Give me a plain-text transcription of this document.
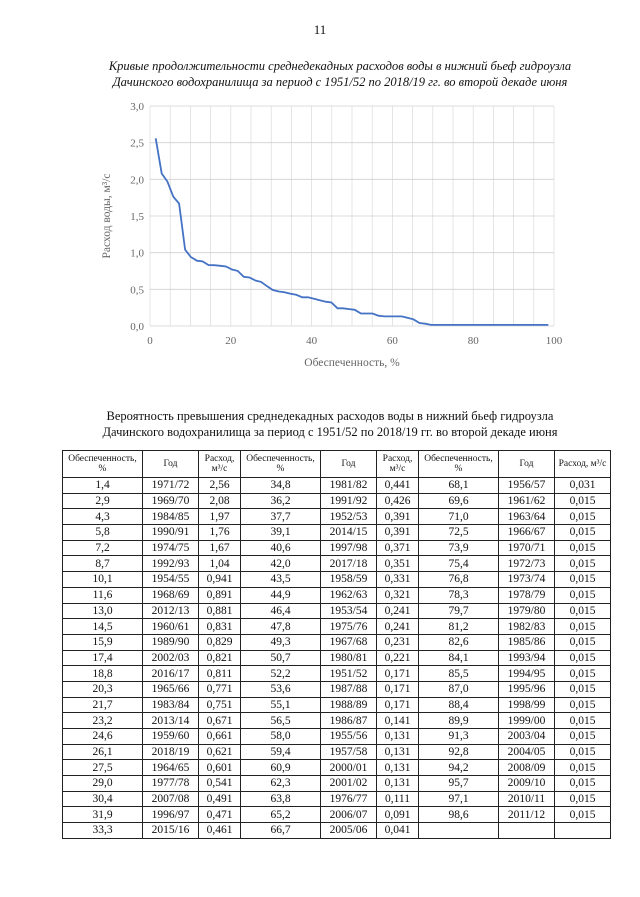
11
Кривые продолжительности среднедекадных расходов воды в нижний бьеф гидроузла
Дачинского водохранилища за период с 1951/52 по 2018/19 гг. во второй декаде июня
0,0
0,5
1,0
1,5
2,0
2,5
3,0
0	20	40	60	80	100
Обеспеченность, %
Расход воды, м³/с
Вероятность превышения среднедекадных расходов воды в нижний бьеф гидроузла
Дачинского водохранилища за период с 1951/52 по 2018/19 гг. во второй декаде июня
Обеспеченность, %	Год	Расход, м³/с	Обеспеченность, %	Год	Расход, м³/с	Обеспеченность, %	Год	Расход, м³/с
1,4	1971/72	2,56	34,8	1981/82	0,441	68,1	1956/57	0,031
2,9	1969/70	2,08	36,2	1991/92	0,426	69,6	1961/62	0,015
4,3	1984/85	1,97	37,7	1952/53	0,391	71,0	1963/64	0,015
5,8	1990/91	1,76	39,1	2014/15	0,391	72,5	1966/67	0,015
7,2	1974/75	1,67	40,6	1997/98	0,371	73,9	1970/71	0,015
8,7	1992/93	1,04	42,0	2017/18	0,351	75,4	1972/73	0,015
10,1	1954/55	0,941	43,5	1958/59	0,331	76,8	1973/74	0,015
11,6	1968/69	0,891	44,9	1962/63	0,321	78,3	1978/79	0,015
13,0	2012/13	0,881	46,4	1953/54	0,241	79,7	1979/80	0,015
14,5	1960/61	0,831	47,8	1975/76	0,241	81,2	1982/83	0,015
15,9	1989/90	0,829	49,3	1967/68	0,231	82,6	1985/86	0,015
17,4	2002/03	0,821	50,7	1980/81	0,221	84,1	1993/94	0,015
18,8	2016/17	0,811	52,2	1951/52	0,171	85,5	1994/95	0,015
20,3	1965/66	0,771	53,6	1987/88	0,171	87,0	1995/96	0,015
21,7	1983/84	0,751	55,1	1988/89	0,171	88,4	1998/99	0,015
23,2	2013/14	0,671	56,5	1986/87	0,141	89,9	1999/00	0,015
24,6	1959/60	0,661	58,0	1955/56	0,131	91,3	2003/04	0,015
26,1	2018/19	0,621	59,4	1957/58	0,131	92,8	2004/05	0,015
27,5	1964/65	0,601	60,9	2000/01	0,131	94,2	2008/09	0,015
29,0	1977/78	0,541	62,3	2001/02	0,131	95,7	2009/10	0,015
30,4	2007/08	0,491	63,8	1976/77	0,111	97,1	2010/11	0,015
31,9	1996/97	0,471	65,2	2006/07	0,091	98,6	2011/12	0,015
33,3	2015/16	0,461	66,7	2005/06	0,041			
